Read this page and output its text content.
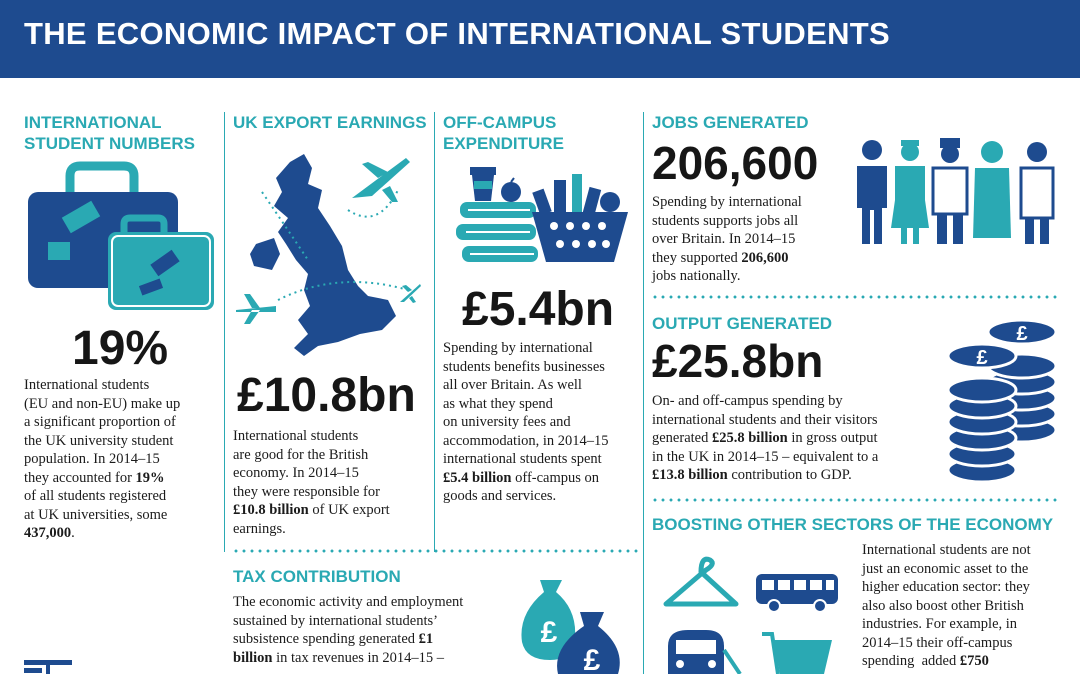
THE ECONOMIC IMPACT OF INTERNATIONAL STUDENTS
INTERNATIONAL
STUDENT NUMBERS
19%
International students
(EU and non-EU) make up
a significant proportion of
the UK university student
population. In 2014–15
they accounted for 19%
of all students registered
at UK universities, some
437,000.
UK EXPORT EARNINGS
£10.8bn
International students
are good for the British
economy. In 2014–15
they were responsible for
£10.8 billion of UK export
earnings.
OFF-CAMPUS
EXPENDITURE
£5.4bn
Spending by international
students benefits businesses
all over Britain. As well
as what they spend
on university fees and
accommodation, in 2014–15
international students spent
£5.4 billion off-campus on
goods and services.
TAX CONTRIBUTION
The economic activity and employment
sustained by international students’
subsistence spending generated £1
billion in tax revenues in 2014–15 –
£
£
JOBS GENERATED
206,600
Spending by international
students supports jobs all
over Britain. In 2014–15
they supported 206,600
jobs nationally.
OUTPUT GENERATED
£25.8bn
On- and off-campus spending by
international students and their visitors
generated £25.8 billion in gross output
in the UK in 2014–15 – equivalent to a
£13.8 billion contribution to GDP.
£
£
BOOSTING OTHER SECTORS OF THE ECONOMY
International students are not
just an economic asset to the
higher education sector: they
also also boost other British
industries. For example, in
2014–15 their off-campus
spending  added £750
